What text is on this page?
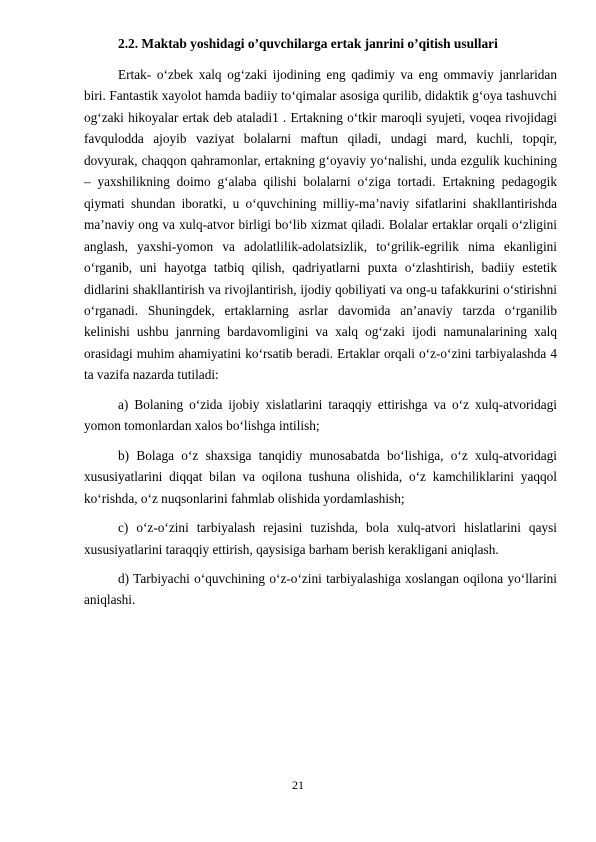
2.2. Maktab yoshidagi o’quvchilarga ertak janrini o’qitish usullari

Ertak- o‘zbek xalq og‘zaki ijodining eng qadimiy va eng ommaviy janrlaridan biri. Fantastik xayolot hamda badiiy to‘qimalar asosiga qurilib, didaktik g‘oya tashuvchi og‘zaki hikoyalar ertak deb ataladi1 . Ertakning o‘tkir maroqli syujeti, voqea rivojidagi favqulodda ajoyib vaziyat bolalarni maftun qiladi, undagi mard, kuchli, topqir, dovyurak, chaqqon qahramonlar, ertakning g‘oyaviy yo‘nalishi, unda ezgulik kuchining – yaxshilikning doimo g‘alaba qilishi bolalarni o‘ziga tortadi. Ertakning pedagogik qiymati shundan iboratki, u o‘quvchining milliy-ma’naviy sifatlarini shakllantirishda ma’naviy ong va xulq-atvor birligi bo‘lib xizmat qiladi. Bolalar ertaklar orqali o‘zligini anglash, yaxshi-yomon va adolatlilik-adolatsizlik, to‘grilik-egrilik nima ekanligini o‘rganib, uni hayotga tatbiq qilish, qadriyatlarni puxta o‘zlashtirish, badiiy estetik didlarini shakllantirish va rivojlantirish, ijodiy qobiliyati va ong-u tafakkurini o‘stirishni o‘rganadi. Shuningdek, ertaklarning asrlar davomida an’anaviy tarzda o‘rganilib kelinishi ushbu janrning bardavomligini va xalq og‘zaki ijodi namunalarining xalq orasidagi muhim ahamiyatini ko‘rsatib beradi. Ertaklar orqali o‘z-o‘zini tarbiyalashda 4 ta vazifa nazarda tutiladi:

a) Bolaning o‘zida ijobiy xislatlarini taraqqiy ettirishga va o‘z xulq-atvoridagi yomon tomonlardan xalos bo‘lishga intilish;

b) Bolaga o‘z shaxsiga tanqidiy munosabatda bo‘lishiga, o‘z xulq-atvoridagi xususiyatlarini diqqat bilan va oqilona tushuna olishida, o‘z kamchiliklarini yaqqol ko‘rishda, o‘z nuqsonlarini fahmlab olishida yordamlashish;

c) o‘z-o‘zini tarbiyalash rejasini tuzishda, bola xulq-atvori hislatlarini qaysi xususiyatlarini taraqqiy ettirish, qaysisiga barham berish kerakligani aniqlash.

d) Tarbiyachi o‘quvchining o‘z-o‘zini tarbiyalashiga xoslangan oqilona yo‘llarini aniqlashi.

21
